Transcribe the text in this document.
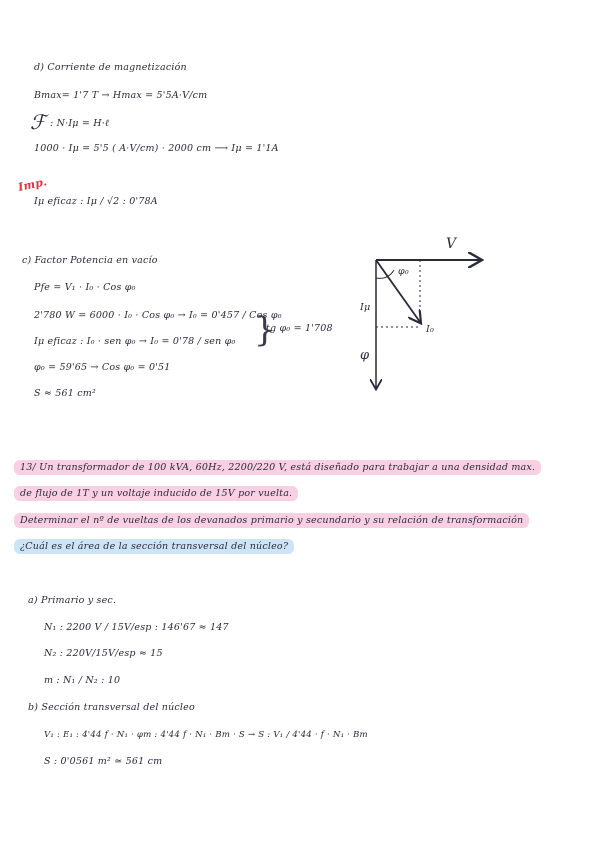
d) Corriente de magnetización
Bmax= 1'7 T → Hmax = 5'5A·V/cm
ℱ : N·Iμ = H·ℓ
1000 · Iμ = 5'5 ( A·V/cm) · 2000 cm ⟶ Iμ = 1'1A
Imp.
Iμ eficaz : Iμ / √2 : 0'78A
c) Factor Potencia en vacío
Pfe = V₁ · I₀ · Cos φ₀
2'780 W = 6000 · I₀ · Cos φ₀ → I₀ = 0'457 / Cos φ₀
Iμ eficaz : I₀ · sen φ₀ → I₀ = 0'78 / sen φ₀ }
tg φ₀ = 1'708
φ₀ = 59'65 → Cos φ₀ = 0'51
S ≈ 561 cm²
V
φ₀
Iμ
I₀
φ
13/ Un transformador de 100 kVA, 60Hz, 2200/220 V, está diseñado para trabajar a una densidad max.
de flujo de 1T y un voltaje inducido de 15V por vuelta.
Determinar el nº de vueltas de los devanados primario y secundario y su relación de transformación
¿Cuál es el área de la sección transversal del núcleo?
a) Primario y sec.
N₁ : 2200 V / 15V/esp : 146'67 ≈ 147
N₂ : 220V/15V/esp ≈ 15
m : N₁ / N₂ : 10
b) Sección transversal del núcleo
V₁ : E₁ : 4'44 f · N₁ · φm : 4'44 f · N₁ · Bm · S → S : V₁ / 4'44 · f · N₁ · Bm
S : 0'0561 m² ≃ 561 cm
